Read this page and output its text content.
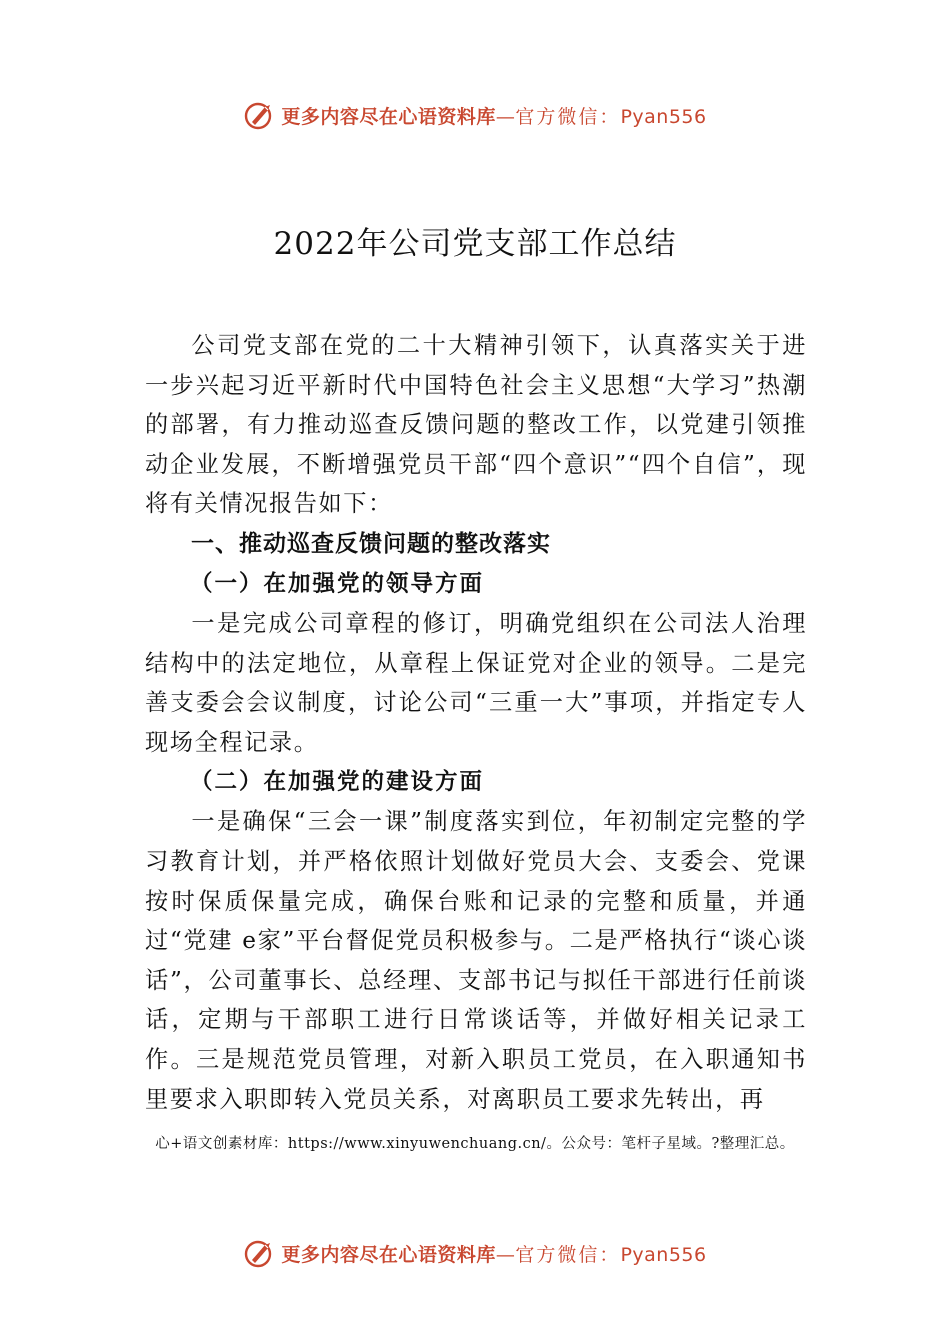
更多内容尽在心语资料库—官方微信：Pyan556
2022年公司党支部工作总结

公司党支部在党的二十大精神引领下，认真落实关于进一步兴起习近平新时代中国特色社会主义思想“大学习”热潮的部署，有力推动巡查反馈问题的整改工作，以党建引领推动企业发展，不断增强党员干部“四个意识”“四个自信”，现将有关情况报告如下：

一、推动巡查反馈问题的整改落实

（一）在加强党的领导方面

一是完成公司章程的修订，明确党组织在公司法人治理结构中的法定地位，从章程上保证党对企业的领导。二是完善支委会会议制度，讨论公司“三重一大”事项，并指定专人现场全程记录。

（二）在加强党的建设方面

一是确保“三会一课”制度落实到位，年初制定完整的学习教育计划，并严格依照计划做好党员大会、支委会、党课按时保质保量完成，确保台账和记录的完整和质量，并通过“党建 e家”平台督促党员积极参与。二是严格执行“谈心谈话”，公司董事长、总经理、支部书记与拟任干部进行任前谈话，定期与干部职工进行日常谈话等，并做好相关记录工作。三是规范党员管理，对新入职员工党员，在入职通知书里要求入职即转入党员关系，对离职员工要求先转出，再

心+语文创素材库：https://www.xinyuwenchuang.cn/。公众号：笔杆子星域。?整理汇总。
更多内容尽在心语资料库—官方微信：Pyan556
